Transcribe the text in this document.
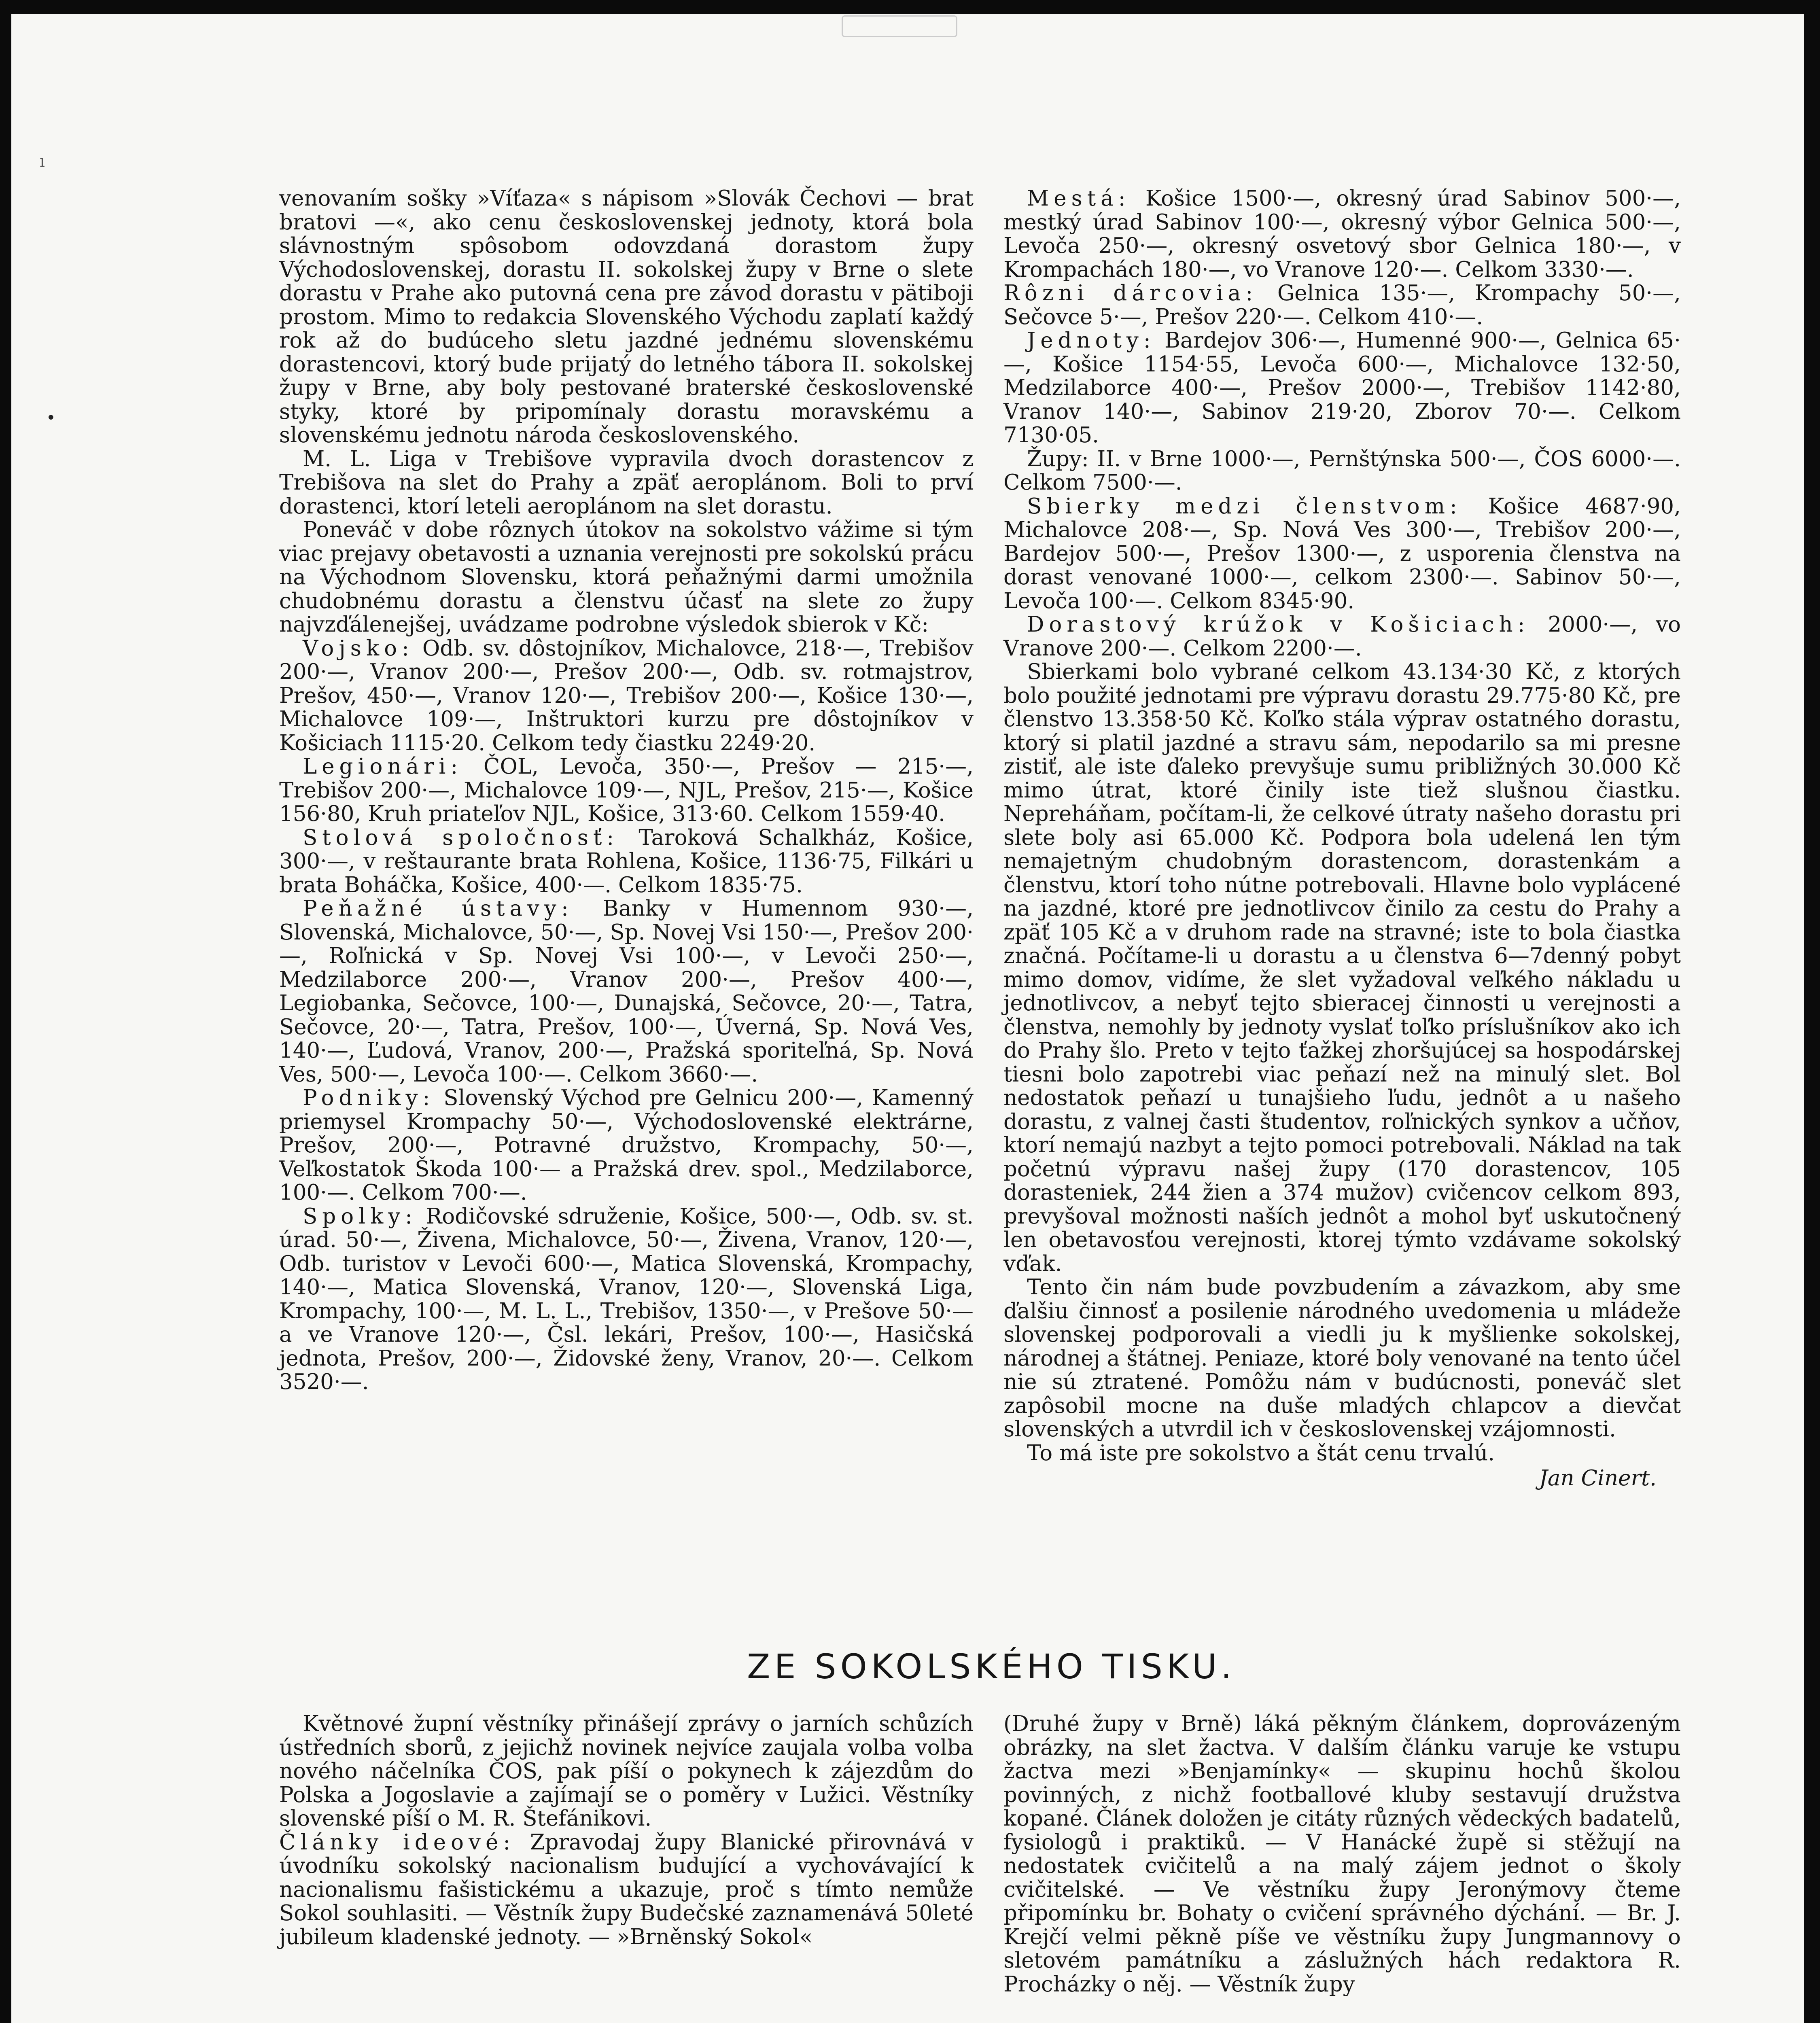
ı
•

venovaním sošky »Víťaza« s nápisom »Slovák Čechovi — brat bratovi —«, ako cenu československej jednoty, ktorá bola slávnostným spôsobom odovzdaná dorastom župy Východoslovenskej, dorastu II. sokolskej župy v Brne o slete dorastu v Prahe ako putovná cena pre závod dorastu v pätiboji prostom. Mimo to redakcia Slovenského Východu zaplatí každý rok až do budúceho sletu jazdné jednému slovenskému dorastencovi, ktorý bude prijatý do letného tábora II. sokolskej župy v Brne, aby boly pestované braterské československé styky, ktoré by pripomínaly dorastu moravskému a slovenskému jednotu národa československého.

M. L. Liga v Trebišove vypravila dvoch dorastencov z Trebišova na slet do Prahy a zpäť aeroplánom. Boli to prví dorastenci, ktorí leteli aeroplánom na slet dorastu.

Poneváč v dobe rôznych útokov na sokolstvo vážime si tým viac prejavy obetavosti a uznania verejnosti pre sokolskú prácu na Východnom Slovensku, ktorá peňažnými darmi umožnila chudobnému dorastu a členstvu účasť na slete zo župy najvzďálenejšej, uvádzame podrobne výsledok sbierok v Kč:

Vojsko: Odb. sv. dôstojníkov, Michalovce, 218·—, Trebišov 200·—, Vranov 200·—, Prešov 200·—, Odb. sv. rotmajstrov, Prešov, 450·—, Vranov 120·—, Trebišov 200·—, Košice 130·—, Michalovce 109·—, Inštruktori kurzu pre dôstojníkov v Košiciach 1115·20. Celkom tedy čiastku 2249·20.

Legionári: ČOL, Levoča, 350·—, Prešov — 215·—, Trebišov 200·—, Michalovce 109·—, NJL, Prešov, 215·—, Košice 156·80, Kruh priateľov NJL, Košice, 313·60. Celkom 1559·40.

Stolová spoločnosť: Taroková Schalkház, Košice, 300·—, v reštaurante brata Rohlena, Košice, 1136·75, Filkári u brata Boháčka, Košice, 400·—. Celkom 1835·75.

Peňažné ústavy: Banky v Humennom 930·—, Slovenská, Michalovce, 50·—, Sp. Novej Vsi 150·—, Prešov 200·—, Roľnická v Sp. Novej Vsi 100·—, v Levoči 250·—, Medzilaborce 200·—, Vranov 200·—, Prešov 400·—, Legiobanka, Sečovce, 100·—, Dunajská, Sečovce, 20·—, Tatra, Sečovce, 20·—, Tatra, Prešov, 100·—, Úverná, Sp. Nová Ves, 140·—, Ľudová, Vranov, 200·—, Pražská sporiteľná, Sp. Nová Ves, 500·—, Levoča 100·—. Celkom 3660·—.

Podniky: Slovenský Východ pre Gelnicu 200·—, Kamenný priemysel Krompachy 50·—, Východoslovenské elektrárne, Prešov, 200·—, Potravné družstvo, Krompachy, 50·—, Veľkostatok Škoda 100·— a Pražská drev. spol., Medzilaborce, 100·—. Celkom 700·—.

Spolky: Rodičovské sdruženie, Košice, 500·—, Odb. sv. st. úrad. 50·—, Živena, Michalovce, 50·—, Živena, Vranov, 120·—, Odb. turistov v Levoči 600·—, Matica Slovenská, Krompachy, 140·—, Matica Slovenská, Vranov, 120·—, Slovenská Liga, Krompachy, 100·—, M. L. L., Trebišov, 1350·—, v Prešove 50·— a ve Vranove 120·—, Čsl. lekári, Prešov, 100·—, Hasičská jednota, Prešov, 200·—, Židovské ženy, Vranov, 20·—. Celkom 3520·—.

Mestá: Košice 1500·—, okresný úrad Sabinov 500·—, mestký úrad Sabinov 100·—, okresný výbor Gelnica 500·—, Levoča 250·—, okresný osvetový sbor Gelnica 180·—, v Krompachách 180·—, vo Vranove 120·—. Celkom 3330·—.

Rôzni dárcovia: Gelnica 135·—, Krompachy 50·—, Sečovce 5·—, Prešov 220·—. Celkom 410·—.

Jednoty: Bardejov 306·—, Humenné 900·—, Gelnica 65·—, Košice 1154·55, Levoča 600·—, Michalovce 132·50, Medzilaborce 400·—, Prešov 2000·—, Trebišov 1142·80, Vranov 140·—, Sabinov 219·20, Zborov 70·—. Celkom 7130·05.

Župy: II. v Brne 1000·—, Pernštýnska 500·—, ČOS 6000·—. Celkom 7500·—.

Sbierky medzi členstvom: Košice 4687·90, Michalovce 208·—, Sp. Nová Ves 300·—, Trebišov 200·—, Bardejov 500·—, Prešov 1300·—, z usporenia členstva na dorast venované 1000·—, celkom 2300·—. Sabinov 50·—, Levoča 100·—. Celkom 8345·90.

Dorastový krúžok v Košiciach: 2000·—, vo Vranove 200·—. Celkom 2200·—.

Sbierkami bolo vybrané celkom 43.134·30 Kč, z ktorých bolo použité jednotami pre výpravu dorastu 29.775·80 Kč, pre členstvo 13.358·50 Kč. Koľko stála výprav ostatného dorastu, ktorý si platil jazdné a stravu sám, nepodarilo sa mi presne zistiť, ale iste ďaleko prevyšuje sumu približných 30.000 Kč mimo útrat, ktoré činily iste tiež slušnou čiastku. Nepreháňam, počítam-li, že celkové útraty našeho dorastu pri slete boly asi 65.000 Kč. Podpora bola udelená len tým nemajetným chudobným dorastencom, dorastenkám a členstvu, ktorí toho nútne potrebovali. Hlavne bolo vyplácené na jazdné, ktoré pre jednotlivcov činilo za cestu do Prahy a zpäť 105 Kč a v druhom rade na stravné; iste to bola čiastka značná. Počítame-li u dorastu a u členstva 6—7denný pobyt mimo domov, vidíme, že slet vyžadoval veľkého nákladu u jednotlivcov, a nebyť tejto sbieracej činnosti u verejnosti a členstva, nemohly by jednoty vyslať toľko príslušníkov ako ich do Prahy šlo. Preto v tejto ťažkej zhoršujúcej sa hospodárskej tiesni bolo zapotrebi viac peňazí než na minulý slet. Bol nedostatok peňazí u tunajšieho ľudu, jednôt a u našeho dorastu, z valnej časti študentov, roľnických synkov a učňov, ktorí nemajú nazbyt a tejto pomoci potrebovali. Náklad na tak početnú výpravu našej župy (170 dorastencov, 105 dorasteniek, 244 žien a 374 mužov) cvičencov celkom 893, prevyšoval možnosti naších jednôt a mohol byť uskutočnený len obetavosťou verejnosti, ktorej týmto vzdávame sokolský vďak.

Tento čin nám bude povzbudením a závazkom, aby sme ďalšiu činnosť a posilenie národného uvedomenia u mládeže slovenskej podporovali a viedli ju k myšlienke sokolskej, národnej a štátnej. Peniaze, ktoré boly venované na tento účel nie sú ztratené. Pomôžu nám v budúcnosti, poneváč slet zapôsobil mocne na duše mladých chlapcov a dievčat slovenských a utvrdil ich v československej vzájomnosti.

To má iste pre sokolstvo a štát cenu trvalú.

Jan Cinert.

ZE SOKOLSKÉHO TISKU.

Květnové župní věstníky přinášejí zprávy o jarních schůzích ústředních sborů, z jejichž novinek nejvíce zaujala volba volba nového náčelníka ČOS, pak píší o pokynech k zájezdům do Polska a Jogoslavie a zajímají se o poměry v Lužici. Věstníky slovenské píší o M. R. Štefánikovi.

Články ideové: Zpravodaj župy Blanické přirovnává v úvodníku sokolský nacionalism budující a vychovávající k nacionalismu fašistickému a ukazuje, proč s tímto nemůže Sokol souhlasiti. — Věstník župy Budečské zaznamenává 50leté jubileum kladenské jednoty. — »Brněnský Sokol«

(Druhé župy v Brně) láká pěkným článkem, doprovázeným obrázky, na slet žactva. V dalším článku varuje ke vstupu žactva mezi »Benjamínky« — skupinu hochů školou povinných, z nichž footballové kluby sestavují družstva kopané. Článek doložen je citáty různých vědeckých badatelů, fysiologů i praktiků. — V Hanácké župě si stěžují na nedostatek cvičitelů a na malý zájem jednot o školy cvičitelské. — Ve věstníku župy Jeronýmovy čteme připomínku br. Bohaty o cvičení správného dýchání. — Br. J. Krejčí velmi pěkně píše ve věstníku župy Jungmannovy o sletovém památníku a záslužných hách redaktora R. Procházky o něj. — Věstník župy
